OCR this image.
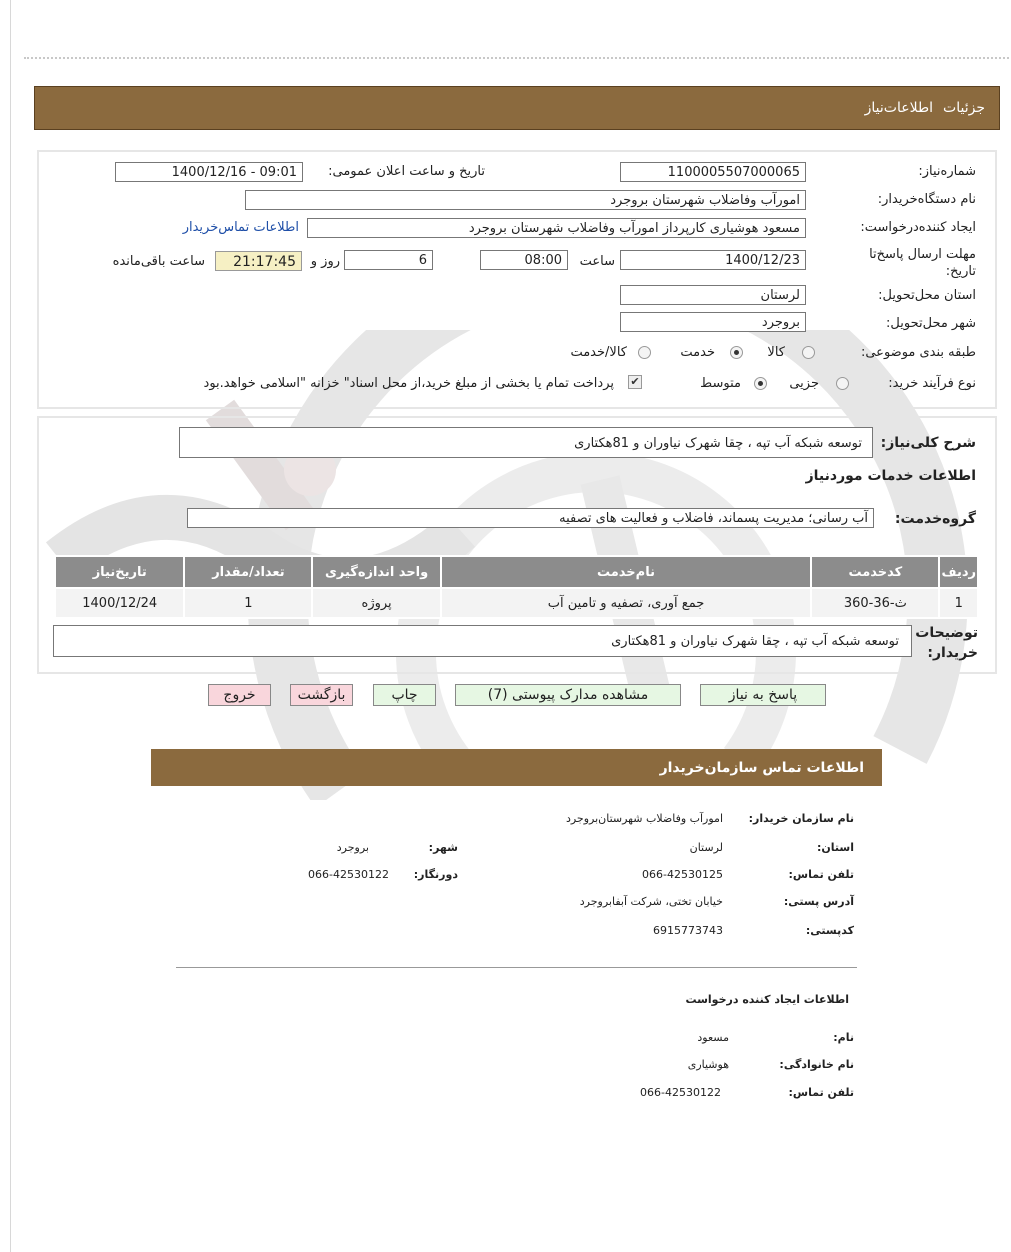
جزئیات
اطلاعات‌نیاز
شماره‌نیاز:
1100005507000065
تاریخ و ساعت اعلان عمومی:
1400/12/16 - 09:01
نام دستگاه‌خریدار:
امورآب وفاضلاب شهرستان بروجرد
ایجاد کننده‌درخواست:
مسعود هوشیاری کارپرداز امورآب وفاضلاب شهرستان بروجرد
اطلاعات تماس‌خریدار
مهلت ارسال پاسخ‌تا تاریخ:
1400/12/23
ساعت
08:00
6
روز و
21:17:45
ساعت باقی‌مانده
استان محل‌تحویل:
لرستان
شهر محل‌تحویل:
بروجرد
طبقه بندی موضوعی:
کالا
خدمت
کالا/خدمت
نوع فرآیند خرید:
جزیی
متوسط
✔
پرداخت تمام یا بخشی از مبلغ خرید،از محل اسناد" خزانه "اسلامی خواهد.بود
شرح کلی‌نیاز:
توسعه شبکه آب تپه ، چقا شهرک نیاوران و 81هکتاری
اطلاعات خدمات موردنیاز
گروه‌خدمت:
آب رسانی؛ مدیریت پسماند، فاضلاب و فعالیت های تصفیه
ردیف	کدخدمت	نام‌خدمت	واحد اندازه‌گیری	تعداد/مقدار	تاریخ‌نیاز
1	ث-36-360	جمع آوری، تصفیه و تامین آب	پروژه	1	1400/12/24
توضیحات خریدار:
توسعه شبکه آب تپه ، چقا شهرک نیاوران و 81هکتاری
پاسخ به نیاز
مشاهده مدارک پیوستی (7)
چاپ
بازگشت
خروج
اطلاعات تماس سازمان‌خریدار
نام سازمان خریدار:
امورآب وفاضلاب شهرستان‌بروجرد
استان:
لرستان
شهر:
بروجرد
تلفن تماس:
066-42530125
دورنگار:
066-42530122
آدرس پستی:
خیابان تختی، شرکت آبفابروجرد
کدپستی:
6915773743
اطلاعات ایجاد کننده درخواست
نام:
مسعود
نام خانوادگی:
هوشیاری
تلفن تماس:
066-42530122
